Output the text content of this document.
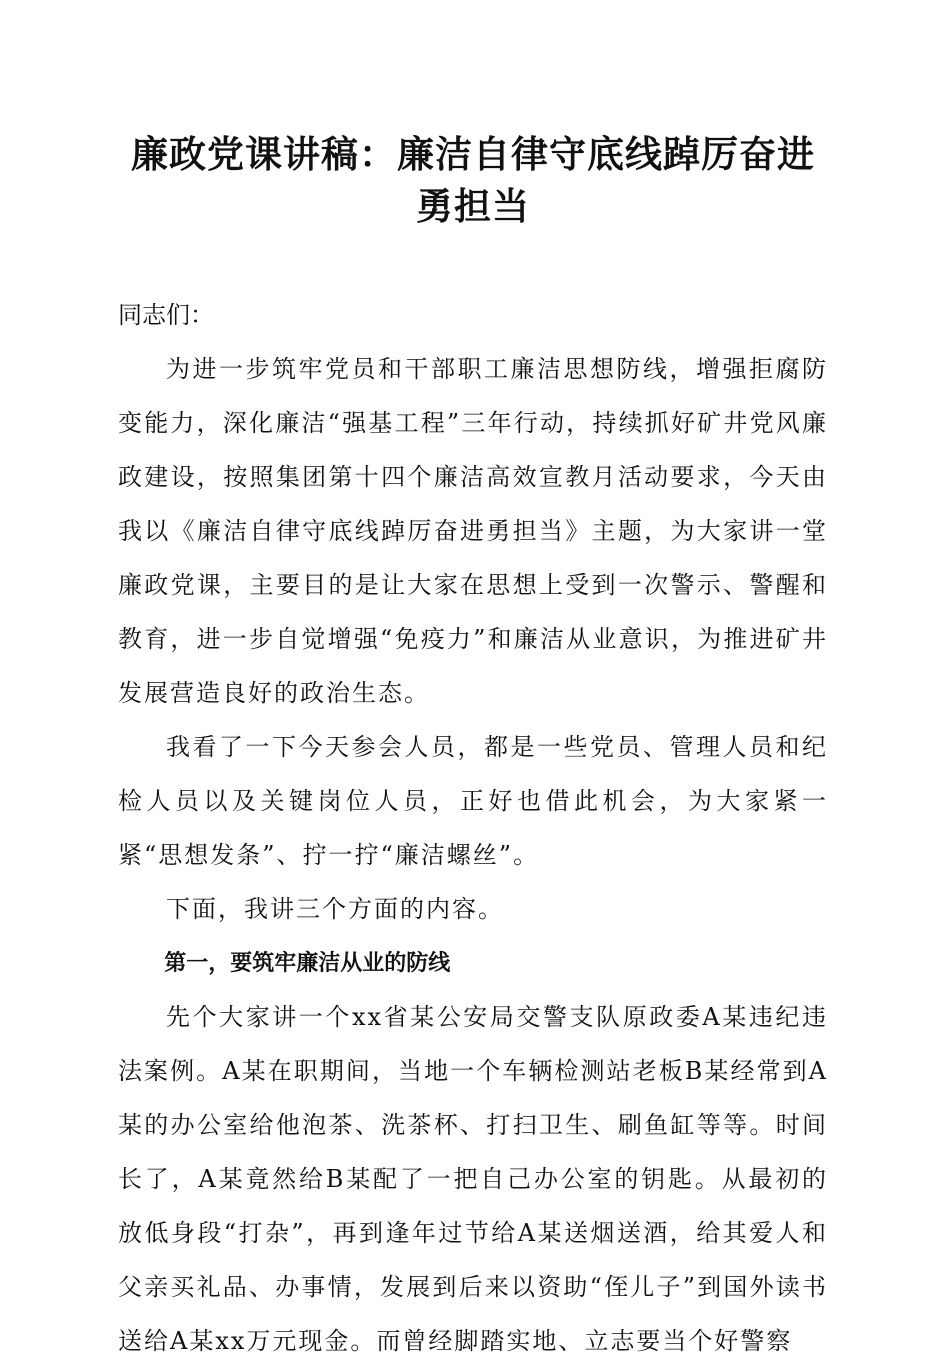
廉政党课讲稿：廉洁自律守底线踔厉奋进勇担当

同志们：

为进一步筑牢党员和干部职工廉洁思想防线，增强拒腐防变能力，深化廉洁“强基工程”三年行动，持续抓好矿井党风廉政建设，按照集团第十四个廉洁高效宣教月活动要求，今天由我以《廉洁自律守底线踔厉奋进勇担当》主题，为大家讲一堂廉政党课，主要目的是让大家在思想上受到一次警示、警醒和教育，进一步自觉增强“免疫力”和廉洁从业意识，为推进矿井发展营造良好的政治生态。

我看了一下今天参会人员，都是一些党员、管理人员和纪检人员以及关键岗位人员，正好也借此机会，为大家紧一紧“思想发条”、拧一拧“廉洁螺丝”。

下面，我讲三个方面的内容。

第一，要筑牢廉洁从业的防线

先个大家讲一个xx省某公安局交警支队原政委A某违纪违法案例。A某在职期间，当地一个车辆检测站老板B某经常到A某的办公室给他泡茶、洗茶杯、打扫卫生、刷鱼缸等等。时间长了，A某竟然给B某配了一把自己办公室的钥匙。从最初的放低身段“打杂”，再到逢年过节给A某送烟送酒，给其爱人和父亲买礼品、办事情，发展到后来以资助“侄儿子”到国外读书送给A某xx万元现金。而曾经脚踏实地、立志要当个好警察
